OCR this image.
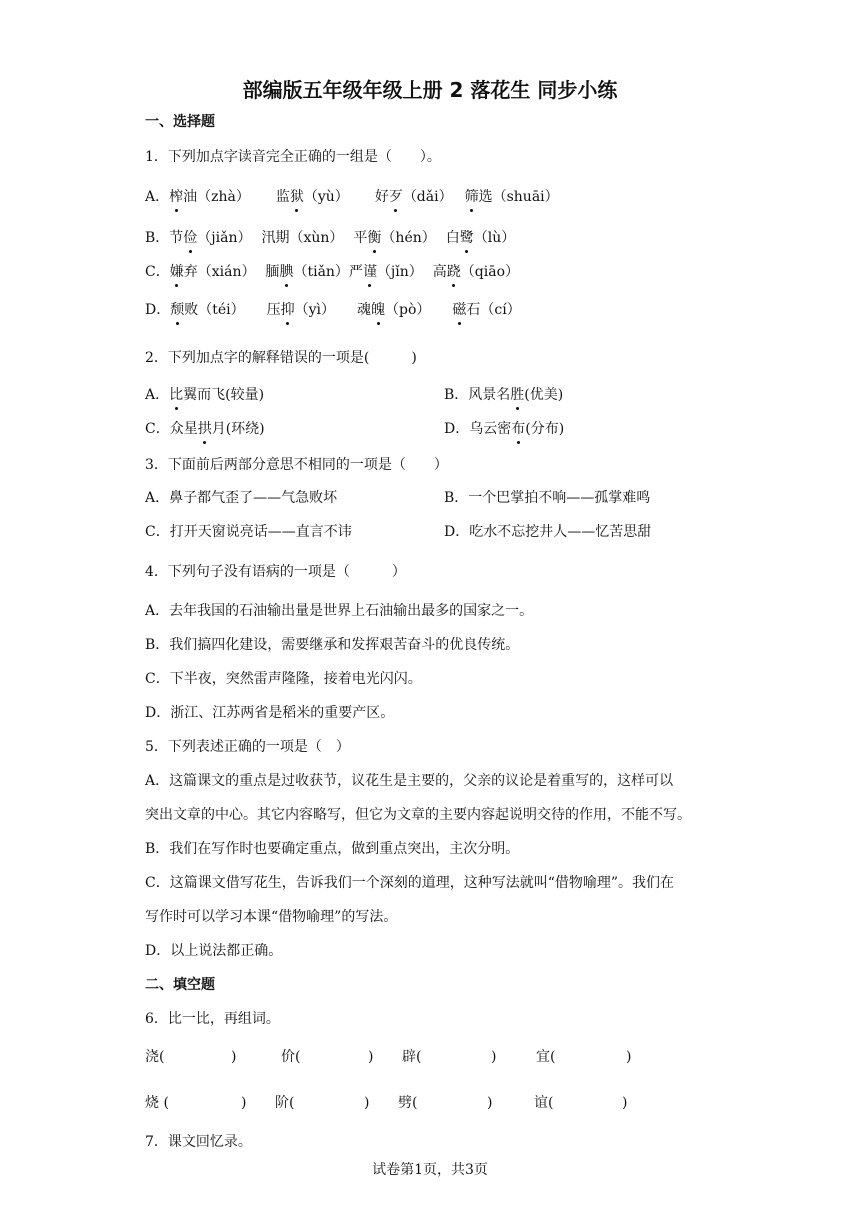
部编版五年级年级上册 2 落花生 同步小练
一、选择题
1．下列加点字读音完全正确的一组是（　　）。
A．榨油（zhà） 监狱（yù） 好歹（dǎi） 筛选（shuāi）
B．节俭（jiǎn） 汛期（xùn） 平衡（hén） 白鹭（lù）
C．嫌弃（xián） 腼腆（tiǎn）严谨（jǐn） 高跷（qiāo）
D．颓败（téi） 压抑（yì） 魂魄（pò） 磁石（cí）
2．下列加点字的解释错误的一项是(　　　)
A．比翼而飞(较量)	B．风景名胜(优美)
C．众星拱月(环绕)	D．乌云密布(分布)
3．下面前后两部分意思不相同的一项是（　　）
A．鼻子都气歪了——气急败坏	B．一个巴掌拍不响——孤掌难鸣
C．打开天窗说亮话——直言不讳	D．吃水不忘挖井人——忆苦思甜
4．下列句子没有语病的一项是（　　　）
A．去年我国的石油输出量是世界上石油输出最多的国家之一。
B．我们搞四化建设，需要继承和发挥艰苦奋斗的优良传统。
C．下半夜，突然雷声隆隆，接着电光闪闪。
D．浙江、江苏两省是稻米的重要产区。
5．下列表述正确的一项是（　）
A．这篇课文的重点是过收获节，议花生是主要的，父亲的议论是着重写的，这样可以
突出文章的中心。其它内容略写，但它为文章的主要内容起说明交待的作用，不能不写。
B．我们在写作时也要确定重点，做到重点突出，主次分明。
C．这篇课文借写花生，告诉我们一个深刻的道理，这种写法就叫“借物喻理”。我们在
写作时可以学习本课“借物喻理”的写法。
D．以上说法都正确。
二、填空题
6．比一比，再组词。
浇(	)	价(	) 辟(	)	宜(	)
烧 (	) 阶(	) 劈(	)	谊(	)
7．课文回忆录。
试卷第1页，共3页
